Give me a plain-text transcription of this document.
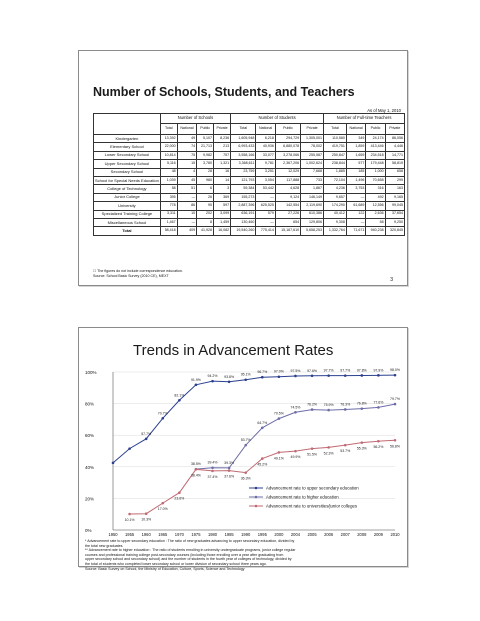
Number of Schools, Students, and Teachers
As of May 1, 2010
	Number of Schools				Number of Students				Number of Full-time Teachers			
	Total	National	Public	Private	Total	National	Public	Private	Total	National	Public	Private
Kindergarten	13,392	49	5,107	8,236	1,605,948	6,218	294,729	1,305,001	110,580	349	24,174	86,056
Elementary School	22,000	74	21,713	213	6,993,433	40,936	6,880,078	78,002	419,751	1,859	413,446	4,446
Lower Secondary School	10,814	75	9,982	757	3,558,166	33,077	3,278,066	255,587	250,847	1,659	234,518	14,771
Upper Secondary School	5,116	15	3,780	1,321	3,368,611	9,781	2,367,206	1,002,624	238,844	577	179,448	58,819
Secondary School	48	4	28	16	23,759	3,251	12,029	7,668	1,885	185	1,000	658
School for Special Needs Education	1,039	45	980	14	121,793	3,054	117,888	733	72,104	1,496	70,658	299
College of Technology	58	51	6	3	59,384	53,442	4,628	1,867	4,236	3,753	316	163
Junior College	395	—	26	369	155,273	—	9,124	146,149	9,657	—	492	9,165
University	778	86	95	597	2,887,396	625,525	142,554	2,119,690	174,290	61,689	12,556	99,045
Specialized Training College	3,311	10	202	3,099	636,191	579	27,226	610,386	40,412	122	2,636	37,654
Miscellaneous School	1,467	—	8	1,459	130,460	—	654	129,806	9,308	—	58	9,250
Total	58,418	409	41,928	16,082	19,540,260	775,414	15,167,610	5,658,253	1,332,764	71,671	940,238	320,845
☐ The figures do not include correspondence education.
Source: School Basic Survey (2010 CE), MEXT
3
Trends in Advancement Rates
100%
80%
60%
40%
20%
0%
1950 1955 1960 1965 1970 1975 1980 1985 1990 1995 2000 2004 2005 2006 2007 2008 2009 2010
57.7%
70.7%
82.1%
91.9%
94.2% 93.8%
95.1%
96.7% 97.0% 97.5% 97.6% 97.7% 97.7% 97.8% 97.9% 98.0%
38.5% 39.4% 39.3%
53.7%
64.7%
70.5%
74.5%
76.2% 75.9% 76.3% 76.8% 77.6%
79.7%
10.1% 10.3%
17.0%
23.6%
38.4% 37.4% 37.6%
36.3%
45.2%
49.1% 49.9%
51.5% 52.3%
53.7%
55.3% 56.2% 56.8%
Advancement rate to upper secondary education
Advancement rate to higher education
Advancement rate to universities/junior colleges
* Advancement rate to upper secondary education : The ratio of new graduates advancing to upper secondary education, divided by
the total new graduates.
** Advancement rate to higher education : The ratio of students enrolling in university undergraduate programs, junior college regular
courses and professional training college post-secondary courses (including those enrolling over a year after graduating from
upper secondary school and secondary school) and the number of students in the fourth year of colleges of technology, divided by
the total of students who completed lower secondary school or lower division of secondary school three years ago.
Source: Basic Survey on School, the Ministry of Education, Culture, Sports, Science and Technology
